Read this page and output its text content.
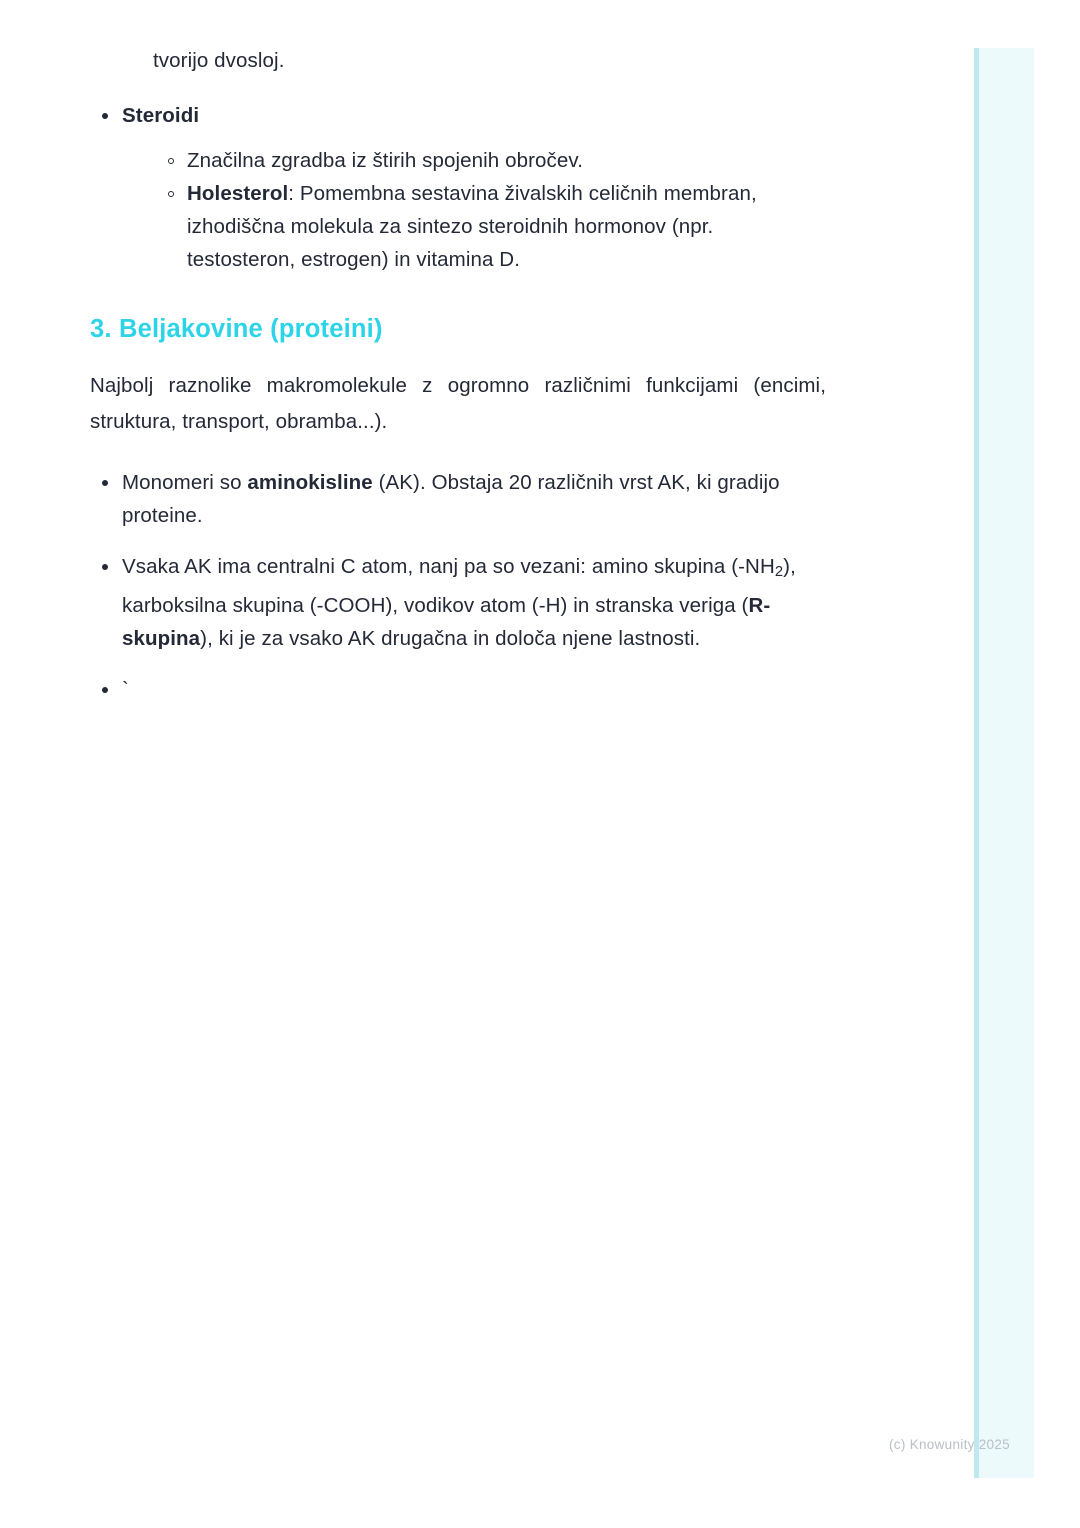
tvorijo dvosloj.
Steroidi
Značilna zgradba iz štirih spojenih obročev.
Holesterol: Pomembna sestavina živalskih celičnih membran, izhodiščna molekula za sintezo steroidnih hormonov (npr. testosteron, estrogen) in vitamina D.
3. Beljakovine (proteini)

Najbolj raznolike makromolekule z ogromno različnimi funkcijami (encimi, struktura, transport, obramba...).

Monomeri so aminokisline (AK). Obstaja 20 različnih vrst AK, ki gradijo proteine.
Vsaka AK ima centralni C atom, nanj pa so vezani: amino skupina $(-NH_2)$, karboksilna skupina (-COOH), vodikov atom (-H) in stranska veriga (R-skupina), ki je za vsako AK drugačna in določa njene lastnosti.
`
(c) Knowunity 2025
